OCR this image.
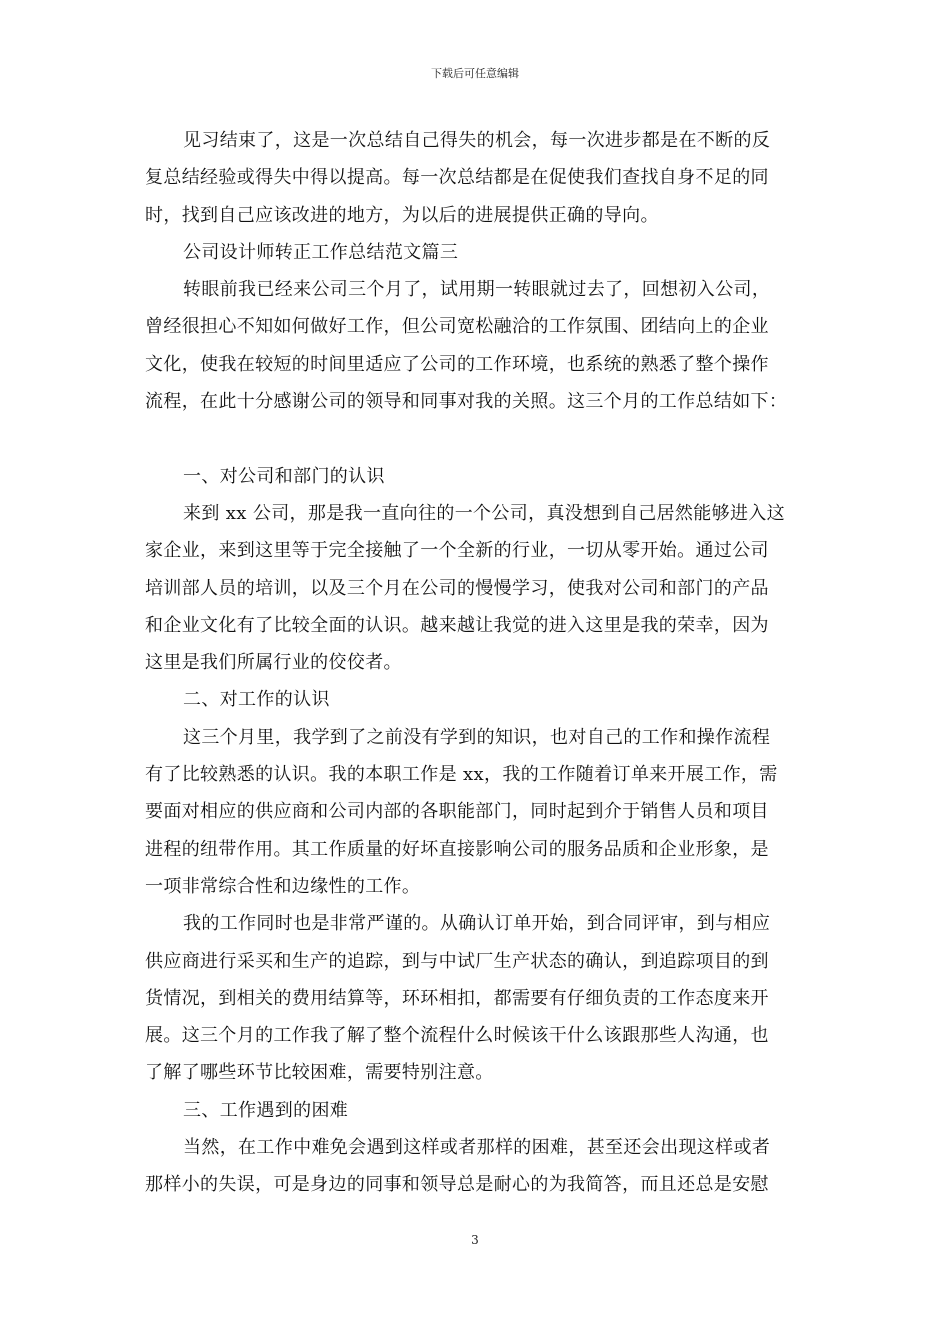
下载后可任意编辑
见习结束了，这是一次总结自己得失的机会，每一次进步都是在不断的反
复总结经验或得失中得以提高。每一次总结都是在促使我们查找自身不足的同
时，找到自己应该改进的地方，为以后的进展提供正确的导向。
公司设计师转正工作总结范文篇三
转眼前我已经来公司三个月了，试用期一转眼就过去了，回想初入公司，
曾经很担心不知如何做好工作，但公司宽松融洽的工作氛围、团结向上的企业
文化，使我在较短的时间里适应了公司的工作环境，也系统的熟悉了整个操作
流程，在此十分感谢公司的领导和同事对我的关照。这三个月的工作总结如下：
一、对公司和部门的认识
来到 xx 公司，那是我一直向往的一个公司，真没想到自己居然能够进入这
家企业，来到这里等于完全接触了一个全新的行业，一切从零开始。通过公司
培训部人员的培训，以及三个月在公司的慢慢学习，使我对公司和部门的产品
和企业文化有了比较全面的认识。越来越让我觉的进入这里是我的荣幸，因为
这里是我们所属行业的佼佼者。
二、对工作的认识
这三个月里，我学到了之前没有学到的知识，也对自己的工作和操作流程
有了比较熟悉的认识。我的本职工作是 xx，我的工作随着订单来开展工作，需
要面对相应的供应商和公司内部的各职能部门，同时起到介于销售人员和项目
进程的纽带作用。其工作质量的好坏直接影响公司的服务品质和企业形象，是
一项非常综合性和边缘性的工作。
我的工作同时也是非常严谨的。从确认订单开始，到合同评审，到与相应
供应商进行采买和生产的追踪，到与中试厂生产状态的确认，到追踪项目的到
货情况，到相关的费用结算等，环环相扣，都需要有仔细负责的工作态度来开
展。这三个月的工作我了解了整个流程什么时候该干什么该跟那些人沟通，也
了解了哪些环节比较困难，需要特别注意。
三、工作遇到的困难
当然，在工作中难免会遇到这样或者那样的困难，甚至还会出现这样或者
那样小的失误，可是身边的同事和领导总是耐心的为我简答，而且还总是安慰
3
